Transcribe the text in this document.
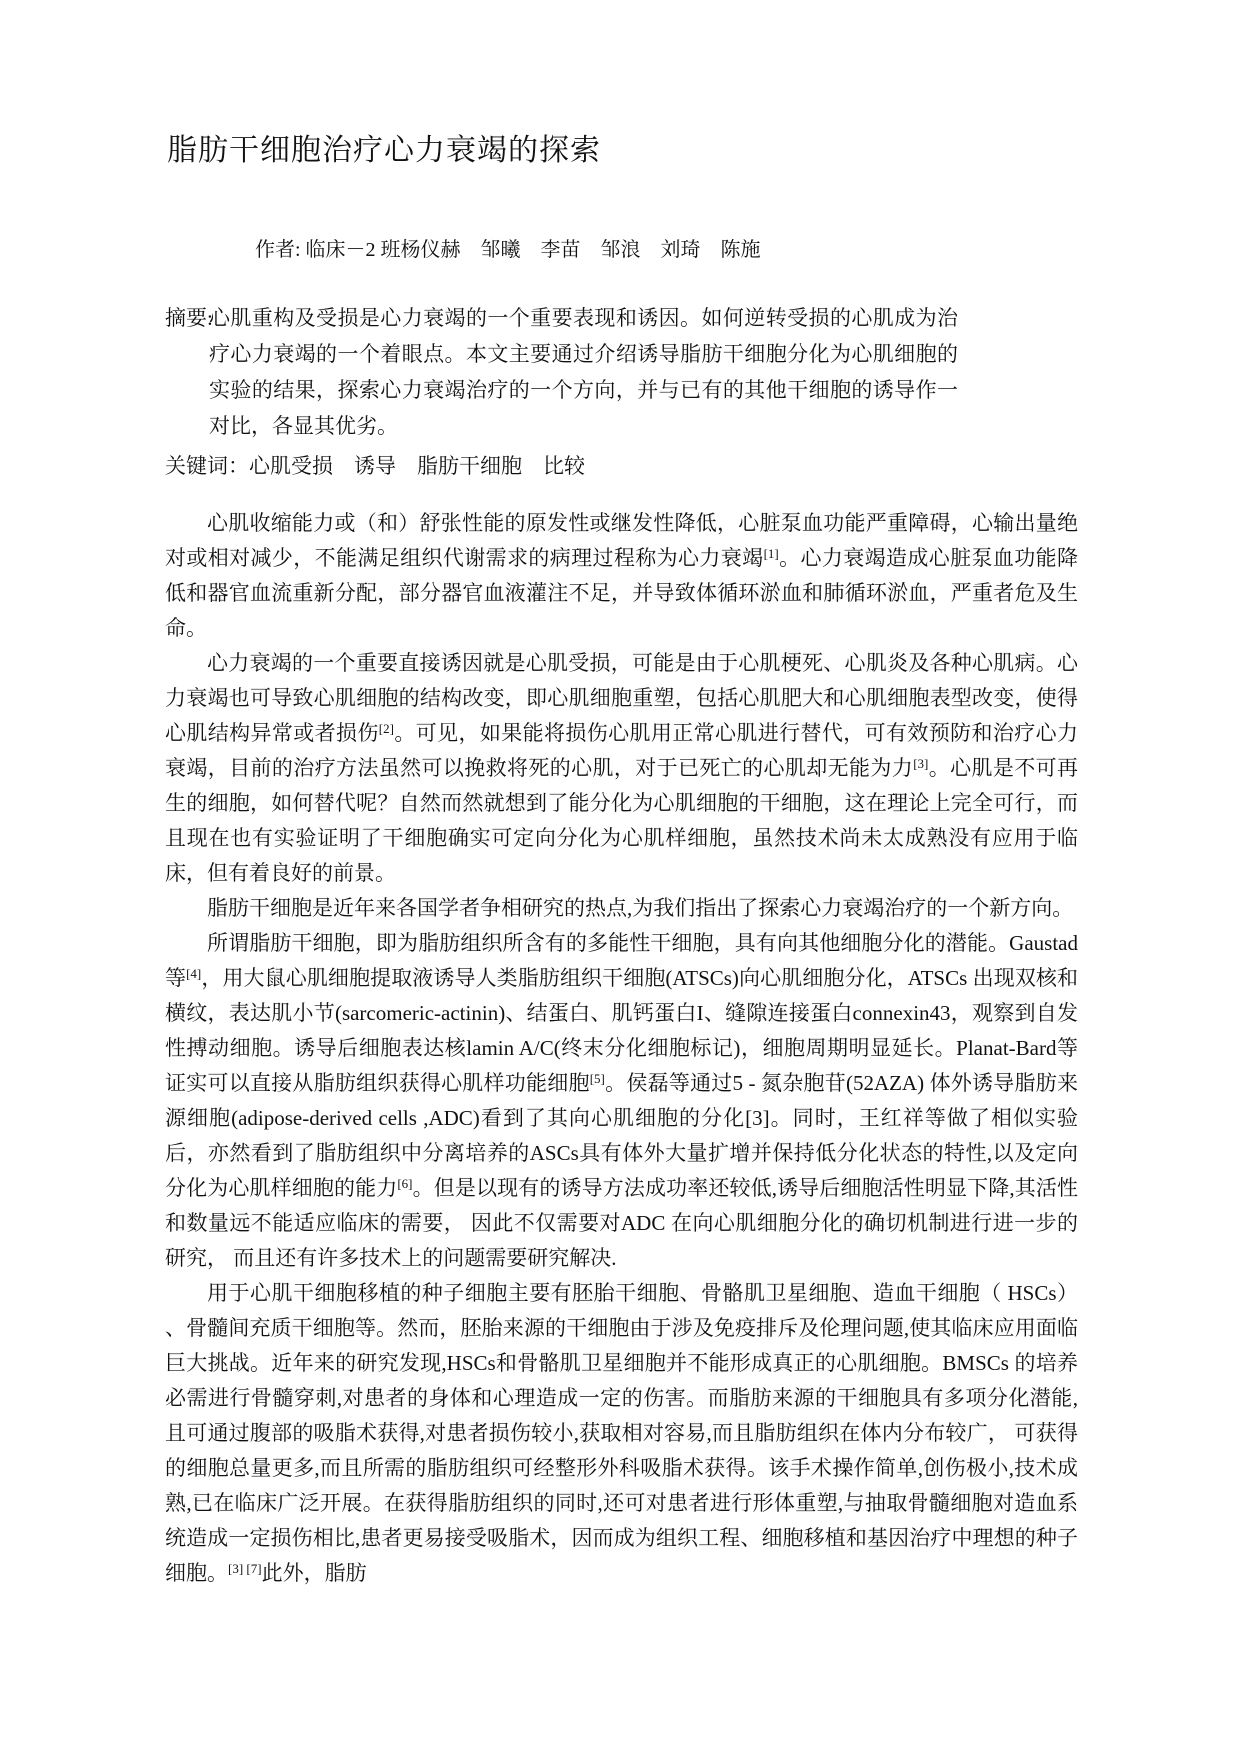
脂肪干细胞治疗心力衰竭的探索

作者: 临床－2 班杨仪赫　邹曦　李苗　邹浪　刘琦　陈施

摘要:
心肌重构及受损是心力衰竭的一个重要表现和诱因。如何逆转受损的心肌成为治疗心力衰竭的一个着眼点。本文主要通过介绍诱导脂肪干细胞分化为心肌细胞的实验的结果，探索心力衰竭治疗的一个方向，并与已有的其他干细胞的诱导作一对比，各显其优劣。

关键词：心肌受损　诱导　脂肪干细胞　比较

心肌收缩能力或（和）舒张性能的原发性或继发性降低，心脏泵血功能严重障碍，心输出量绝对或相对减少，不能满足组织代谢需求的病理过程称为心力衰竭[1]。心力衰竭造成心脏泵血功能降低和器官血流重新分配，部分器官血液灌注不足，并导致体循环淤血和肺循环淤血，严重者危及生命。

心力衰竭的一个重要直接诱因就是心肌受损，可能是由于心肌梗死、心肌炎及各种心肌病。心力衰竭也可导致心肌细胞的结构改变，即心肌细胞重塑，包括心肌肥大和心肌细胞表型改变，使得心肌结构异常或者损伤[2]。可见，如果能将损伤心肌用正常心肌进行替代，可有效预防和治疗心力衰竭，目前的治疗方法虽然可以挽救将死的心肌，对于已死亡的心肌却无能为力[3]。心肌是不可再生的细胞，如何替代呢？自然而然就想到了能分化为心肌细胞的干细胞，这在理论上完全可行，而且现在也有实验证明了干细胞确实可定向分化为心肌样细胞，虽然技术尚未太成熟没有应用于临床，但有着良好的前景。

脂肪干细胞是近年来各国学者争相研究的热点,为我们指出了探索心力衰竭治疗的一个新方向。

所谓脂肪干细胞，即为脂肪组织所含有的多能性干细胞，具有向其他细胞分化的潜能。Gaustad等[4]，用大鼠心肌细胞提取液诱导人类脂肪组织干细胞(ATSCs)向心肌细胞分化，ATSCs 出现双核和横纹，表达肌小节(sarcomeric-actinin)、结蛋白、肌钙蛋白I、缝隙连接蛋白connexin43，观察到自发性搏动细胞。诱导后细胞表达核lamin A/C(终末分化细胞标记)，细胞周期明显延长。Planat-Bard等证实可以直接从脂肪组织获得心肌样功能细胞[5]。侯磊等通过5 - 氮杂胞苷(52AZA) 体外诱导脂肪来源细胞(adipose-derived cells ,ADC)看到了其向心肌细胞的分化[3]。同时，王红祥等做了相似实验后，亦然看到了脂肪组织中分离培养的ASCs具有体外大量扩增并保持低分化状态的特性,以及定向分化为心肌样细胞的能力[6]。但是以现有的诱导方法成功率还较低,诱导后细胞活性明显下降,其活性和数量远不能适应临床的需要， 因此不仅需要对ADC 在向心肌细胞分化的确切机制进行进一步的研究， 而且还有许多技术上的问题需要研究解决.

用于心肌干细胞移植的种子细胞主要有胚胎干细胞、骨骼肌卫星细胞、造血干细胞（ HSCs） 、骨髓间充质干细胞等。然而，胚胎来源的干细胞由于涉及免疫排斥及伦理问题,使其临床应用面临巨大挑战。近年来的研究发现,HSCs和骨骼肌卫星细胞并不能形成真正的心肌细胞。BMSCs 的培养必需进行骨髓穿刺,对患者的身体和心理造成一定的伤害。而脂肪来源的干细胞具有多项分化潜能,且可通过腹部的吸脂术获得,对患者损伤较小,获取相对容易,而且脂肪组织在体内分布较广， 可获得的细胞总量更多,而且所需的脂肪组织可经整形外科吸脂术获得。该手术操作简单,创伤极小,技术成熟,已在临床广泛开展。在获得脂肪组织的同时,还可对患者进行形体重塑,与抽取骨髓细胞对造血系统造成一定损伤相比,患者更易接受吸脂术，因而成为组织工程、细胞移植和基因治疗中理想的种子细胞。[3] [7]此外，脂肪
